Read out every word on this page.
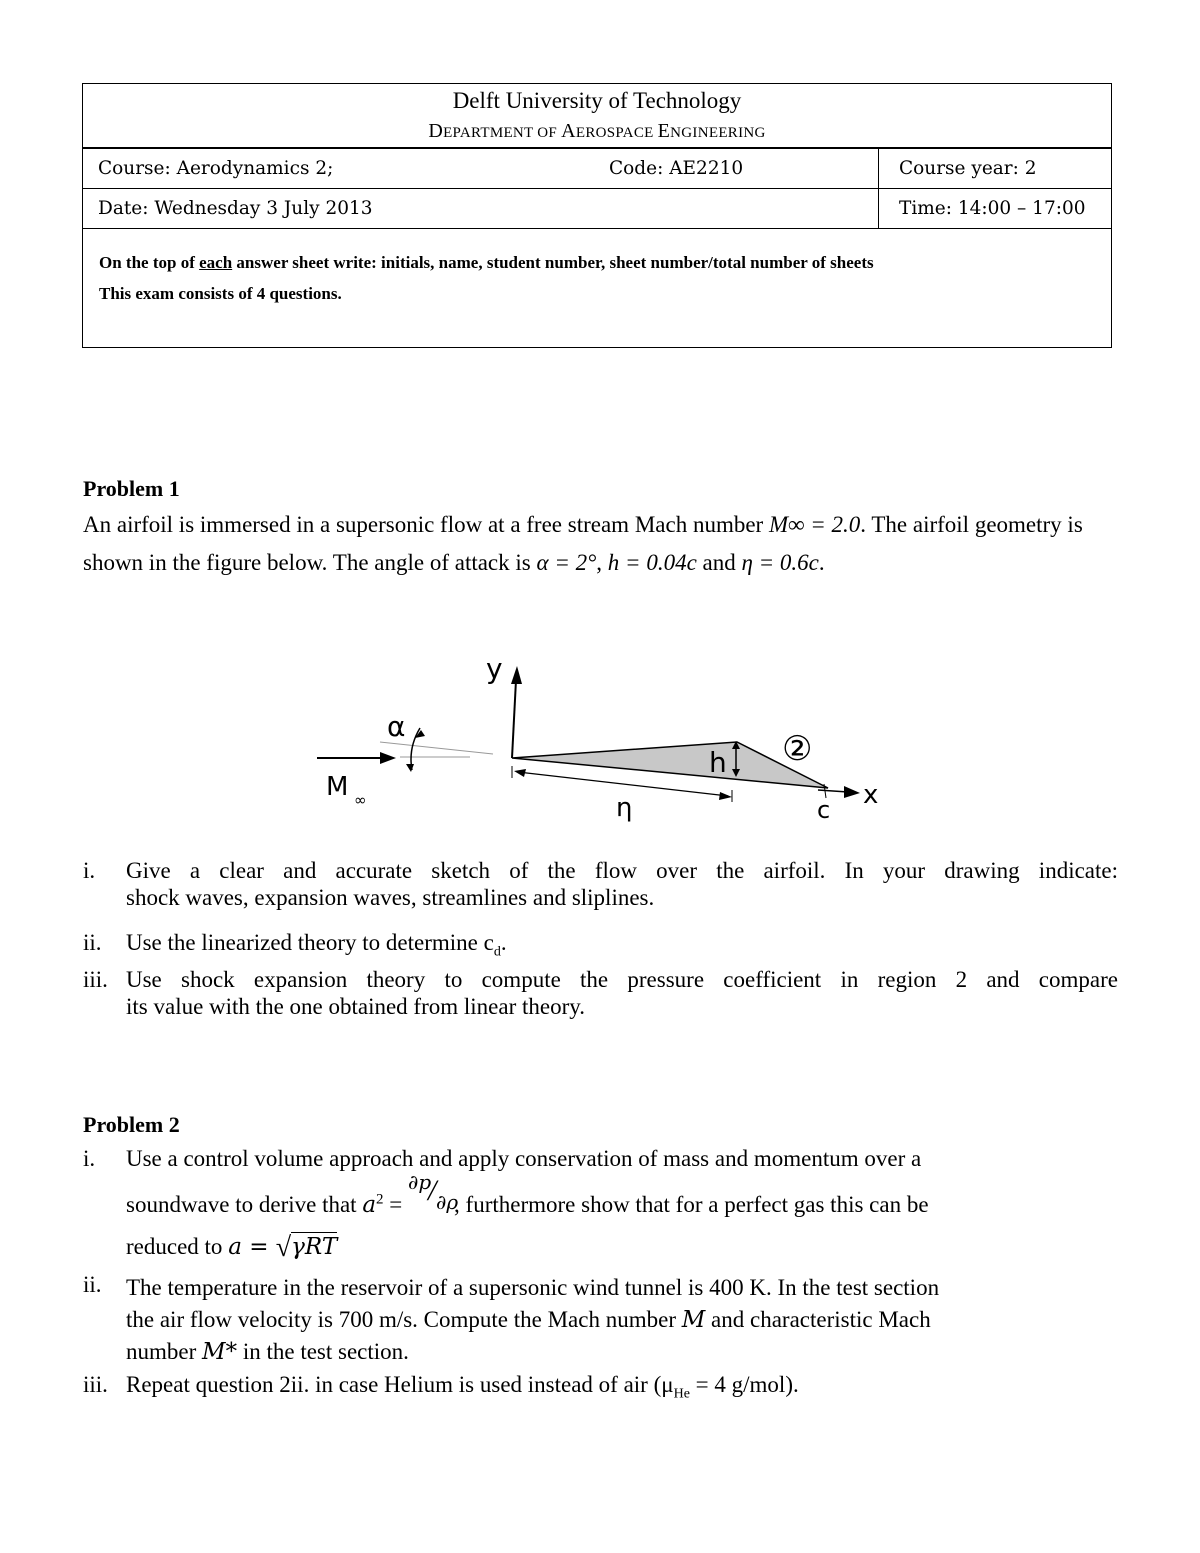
Delft University of Technology
DEPARTMENT OF AEROSPACE ENGINEERING
Course: Aerodynamics 2;	Code: AE2210	Course year: 2
Date: Wednesday 3 July 2013	Time: 14:00 – 17:00
On the top of each answer sheet write: initials, name, student number, sheet number/total number of sheets
This exam consists of 4 questions.
Problem 1
An airfoil is immersed in a supersonic flow at a free stream Mach number M∞ = 2.0. The airfoil geometry is shown in the figure below. The angle of attack is α = 2°, h = 0.04c and η = 0.6c.
y
x
α
M ∞
h
η	c
②
i. Give a clear and accurate sketch of the flow over the airfoil. In your drawing indicate:
shock waves, expansion waves, streamlines and sliplines.
ii. Use the linearized theory to determine $c_d$.
iii. Use shock expansion theory to compute the pressure coefficient in region 2 and compare
its value with the one obtained from linear theory.
Problem 2
i. Use a control volume approach and apply conservation of mass and momentum over a
soundwave to derive that $a^2$ =
∂p
/ ∂ρ
, furthermore show that for a perfect gas this can be
reduced to a = √γRT
ii. The temperature in the reservoir of a supersonic wind tunnel is 400 K. In the test section
the air flow velocity is 700 m/s. Compute the Mach number M and characteristic Mach
number M* in the test section.
iii. Repeat question 2ii. in case Helium is used instead of air ($\mu_{He} = 4$ g/mol).
